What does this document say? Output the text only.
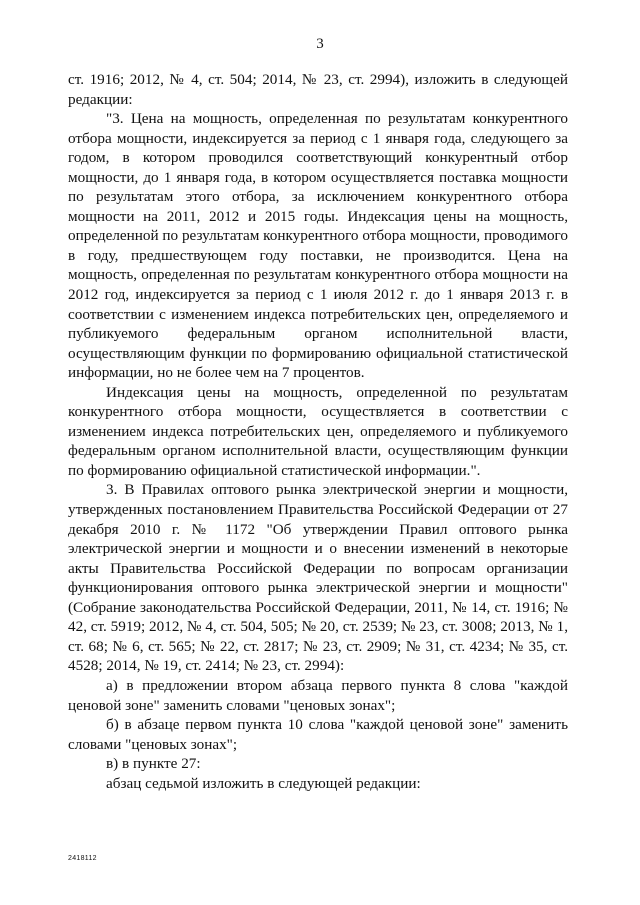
3

ст. 1916; 2012, № 4, ст. 504; 2014, № 23, ст. 2994), изложить в следующей редакции:

"3. Цена на мощность, определенная по результатам конкурентного отбора мощности, индексируется за период с 1 января года, следующего за годом, в котором проводился соответствующий конкурентный отбор мощности, до 1 января года, в котором осуществляется поставка мощности по результатам этого отбора, за исключением конкурентного отбора мощности на 2011, 2012 и 2015 годы. Индексация цены на мощность, определенной по результатам конкурентного отбора мощности, проводимого в году, предшествующем году поставки, не производится. Цена на мощность, определенная по результатам конкурентного отбора мощности на 2012 год, индексируется за период с 1 июля 2012 г. до 1 января 2013 г. в соответствии с изменением индекса потребительских цен, определяемого и публикуемого федеральным органом исполнительной власти, осуществляющим функции по формированию официальной статистической информации, но не более чем на 7 процентов.

Индексация цены на мощность, определенной по результатам конкурентного отбора мощности, осуществляется в соответствии с изменением индекса потребительских цен, определяемого и публикуемого федеральным органом исполнительной власти, осуществляющим функции по формированию официальной статистической информации.".

3. В Правилах оптового рынка электрической энергии и мощности, утвержденных постановлением Правительства Российской Федерации от 27 декабря 2010 г. № 1172 "Об утверждении Правил оптового рынка электрической энергии и мощности и о внесении изменений в некоторые акты Правительства Российской Федерации по вопросам организации функционирования оптового рынка электрической энергии и мощности" (Собрание законодательства Российской Федерации, 2011, № 14, ст. 1916; № 42, ст. 5919; 2012, № 4, ст. 504, 505; № 20, ст. 2539; № 23, ст. 3008; 2013, № 1, ст. 68; № 6, ст. 565; № 22, ст. 2817; № 23, ст. 2909; № 31, ст. 4234; № 35, ст. 4528; 2014, № 19, ст. 2414; № 23, ст. 2994):

а) в предложении втором абзаца первого пункта 8 слова "каждой ценовой зоне" заменить словами "ценовых зонах";

б) в абзаце первом пункта 10 слова "каждой ценовой зоне" заменить словами "ценовых зонах";

в) в пункте 27:

абзац седьмой изложить в следующей редакции:

2418112
